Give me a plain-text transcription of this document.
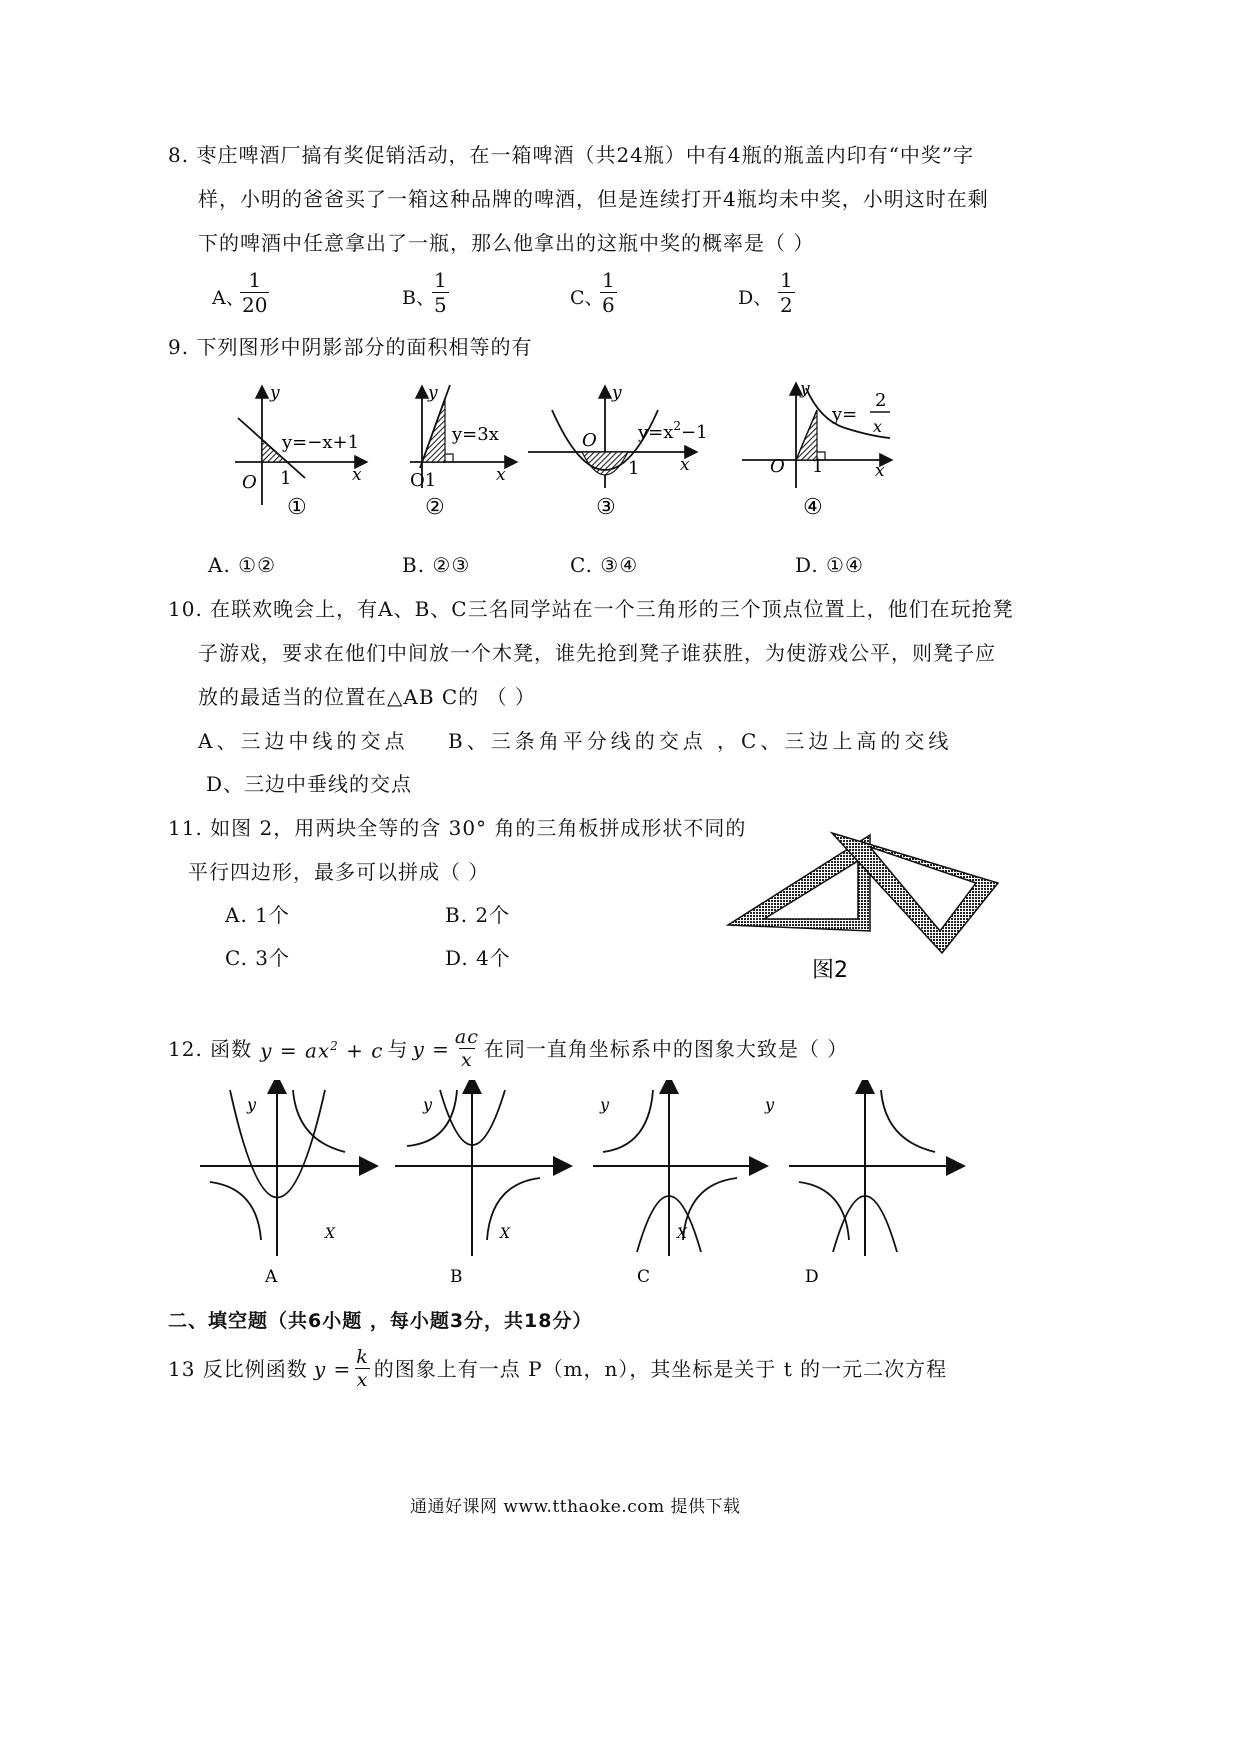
8. 枣庄啤酒厂搞有奖促销活动，在一箱啤酒（共24瓶）中有4瓶的瓶盖内印有“中奖”字
样，小明的爸爸买了一箱这种品牌的啤酒，但是连续打开4瓶均未中奖，小明这时在剩
下的啤酒中任意拿出了一瓶，那么他拿出的这瓶中奖的概率是（ ）
A、
$\frac{1}{20}$	B、
$\frac{1}{5}$	C、
$\frac{1}{6}$	D、 $\frac{1}{2}$
9. 下列图形中阴影部分的面积相等的有
y
y=−x+1
O 1	x
①
y
y=3x
O1	x
②
y
O $y=x^2-1$
1 x
③
y
y=
2
x
O 1	x
④
A. ①②	B. ②③	C. ③④	D. ①④
10. 在联欢晚会上，有A、B、C三名同学站在一个三角形的三个顶点位置上，他们在玩抢凳
子游戏，要求在他们中间放一个木凳，谁先抢到凳子谁获胜，为使游戏公平，则凳子应
放的最适当的位置在△AB C的 （ ）
A、三边中线的交点 B、三条角平分线的交点 ，C、三边上高的交线
D、三边中垂线的交点
11. 如图 2，用两块全等的含 30° 角的三角板拼成形状不同的
平行四边形，最多可以拼成（ ）
A. 1个	B. 2个
C. 3个	D. 4个	图2
12. 函数 $y = ax^2 + c$ 与 $y = \frac{ac}{x}$ 在同一直角坐标系中的图象大致是（ ）
y
X
A
y
X
B
y
X
C
y
D
二、填空题（共6小题 ，每小题3分，共18分）
13 反比例函数 $y = \frac{k}{x}$ 的图象上有一点 P（m，n），其坐标是关于 t 的一元二次方程
通通好课网 www.tthaoke.com 提供下载
